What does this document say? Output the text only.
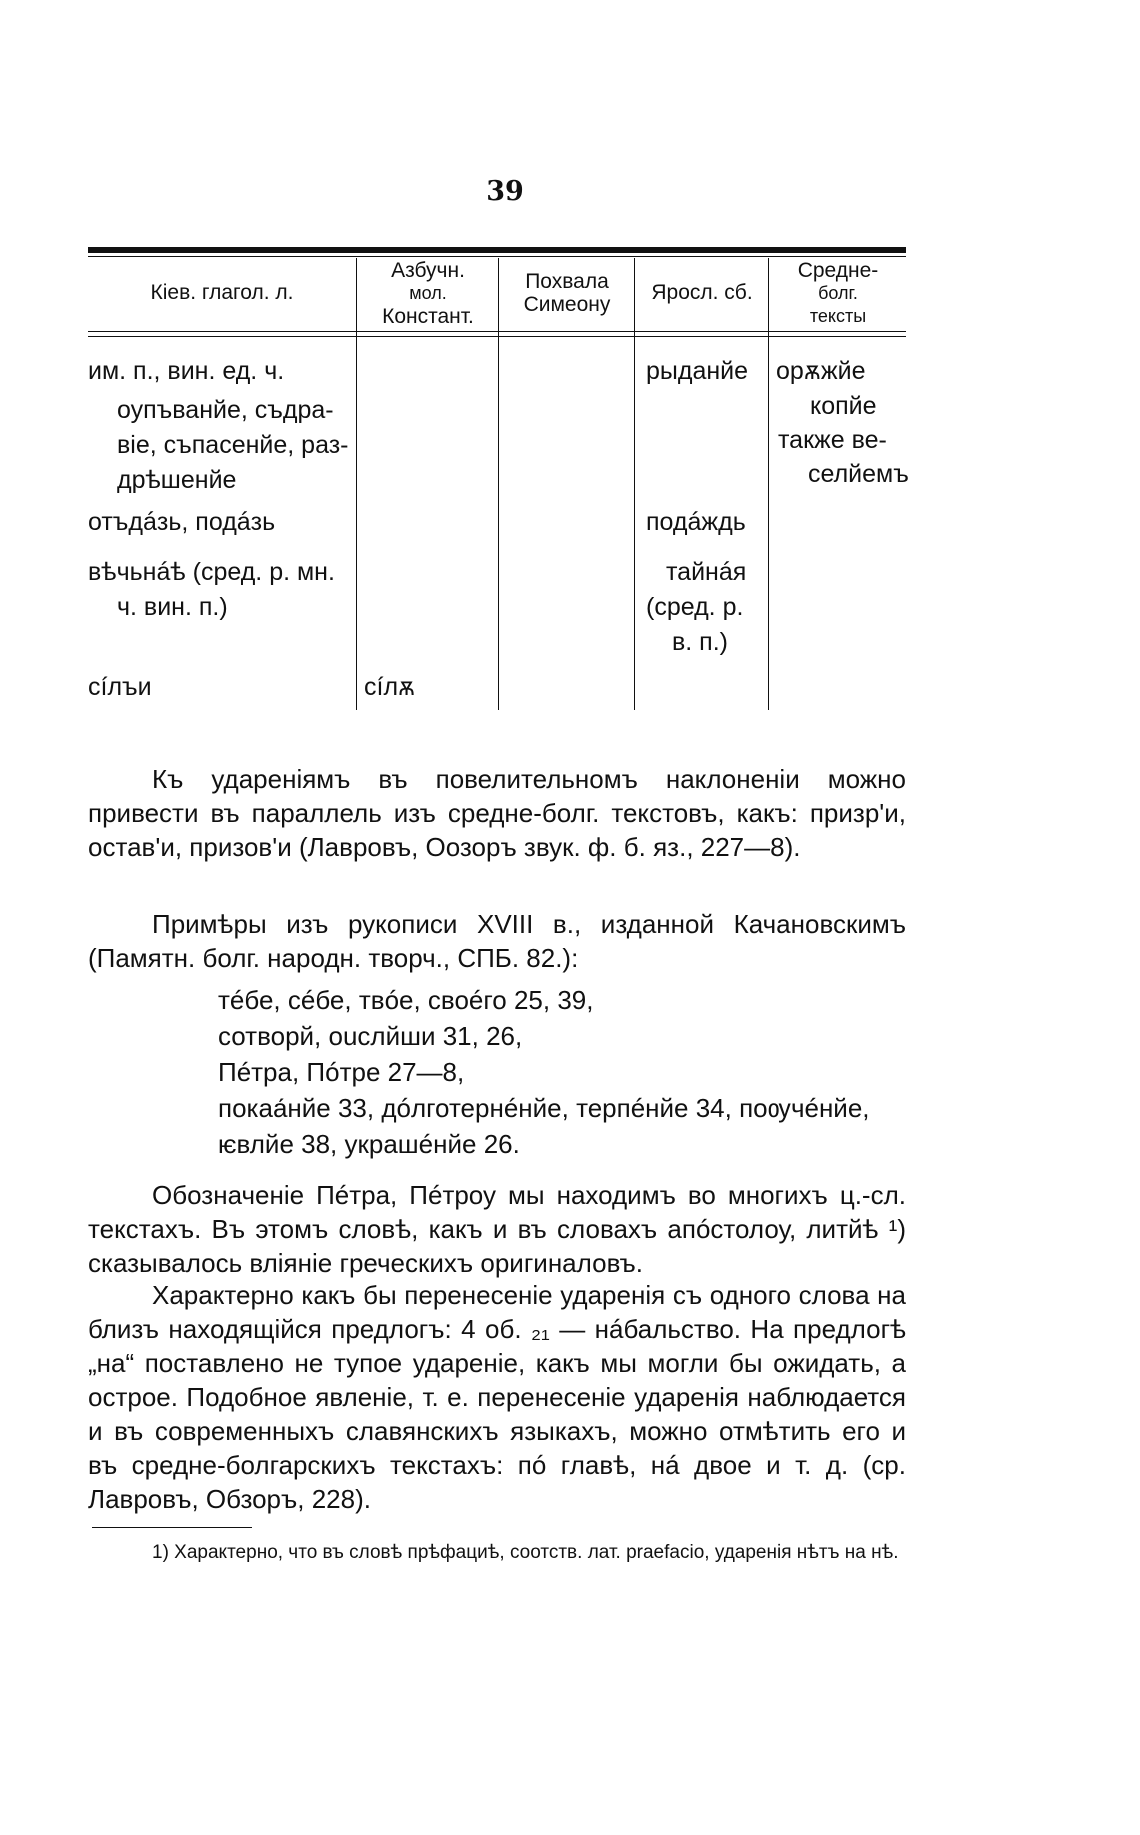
39
Кіев. глагол. л.
Азбучн.
мол.
Констант.
Похвала
Симеону
Яросл. сб.
Средне-
болг.
тексты
им. п., вин. ед. ч.
оупъванйе, съдра-
віе, съпасенйе, раз-
дрѣшенйе
отъдáзь, подáзь
вѣчьнáѣ (сред. р. мн.
ч. вин. п.)
сíлъи	сíлѫ
рыданйе
подáждь
тайнáя
(сред. р.
в. п.)
орѫжйе
копйе
также ве-
селйемъ
Къ удареніямъ въ повелительномъ наклоненіи можно привести въ параллель изъ средне-болг. текстовъ, какъ: призр'и, остав'и, призов'и (Лавровъ, Оозоръ звук. ф. б. яз., 227—8).
Примѣры изъ рукописи XVIII в., изданной Качановскимъ (Памятн. болг. народн. творч., СПБ. 82.):
тéбе, сéбе, твóе, своéго 25, 39,
сотворй, ouслйши 31, 26,
Пéтра, Пóтре 27—8,
покаа́нйе 33, дóлготернéнйе, терпéнйе 34, поѹчéнйе,
ѥвлйе 38, украшéнйе 26.
Обозначеніе Пéтра, Пéтроу мы находимъ во многихъ ц.-сл. текстахъ. Въ этомъ словѣ, какъ и въ словахъ апóстолоу, литйѣ ¹) сказывалось вліяніе греческихъ оригиналовъ.
Характерно какъ бы перенесеніе ударенія съ одного слова на близъ находящійся предлогъ: 4 об. ₂₁ — нáбальство. На предлогѣ „на“ поставлено не тупое удареніе, какъ мы могли бы ожидать, а острое. Подобное явленіе, т. е. перенесеніе ударенія наблюдается и въ современныхъ славянскихъ языкахъ, можно отмѣтить его и въ средне-болгарскихъ текстахъ: пó главѣ, нá двое и т. д. (ср. Лавровъ, Обзоръ, 228).
1) Характерно, что въ словѣ прѣфациѣ, соотств. лат. praefacio, ударенія нѣтъ на нѣ.
